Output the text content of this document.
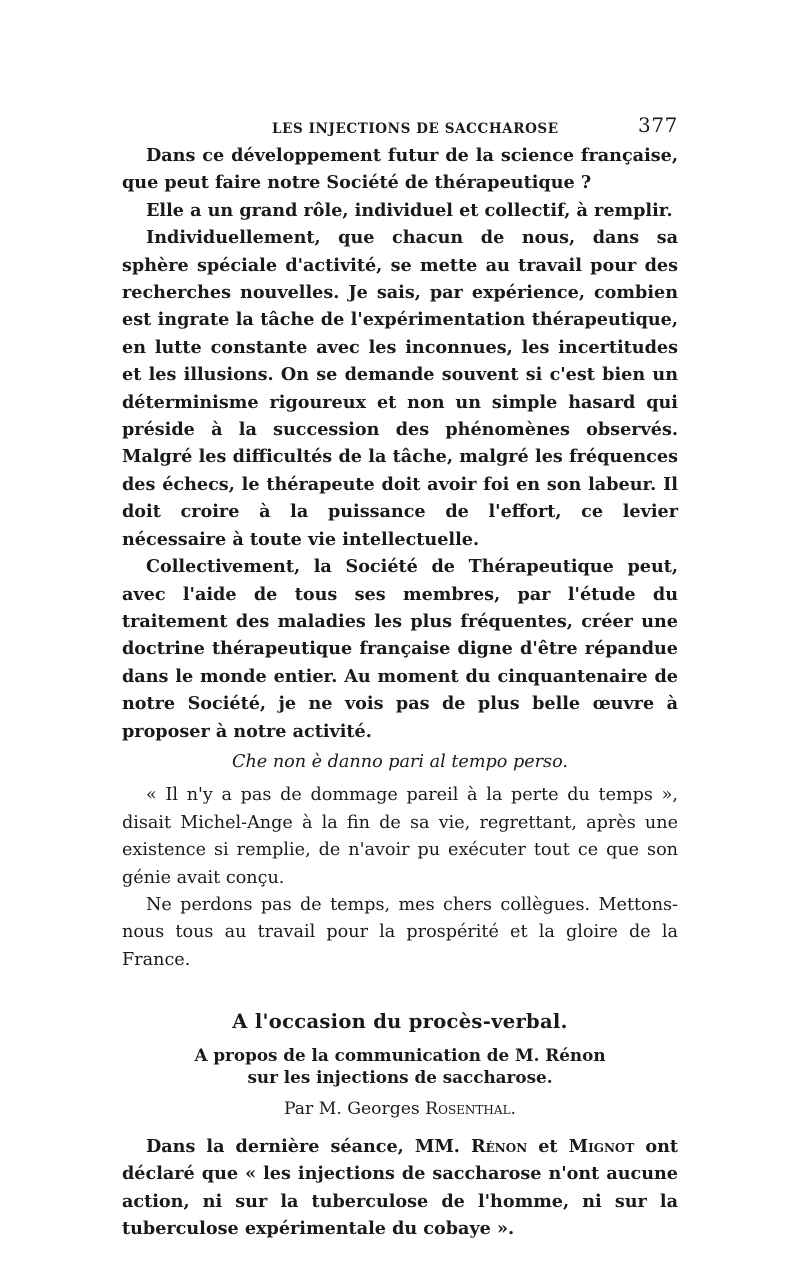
LES INJECTIONS DE SACCHAROSE	377

Dans ce développement futur de la science française, que peut faire notre Société de thérapeutique ?

Elle a un grand rôle, individuel et collectif, à remplir.

Individuellement, que chacun de nous, dans sa sphère spéciale d'activité, se mette au travail pour des recherches nouvelles. Je sais, par expérience, combien est ingrate la tâche de l'expérimentation thérapeutique, en lutte constante avec les inconnues, les incertitudes et les illusions. On se demande souvent si c'est bien un déterminisme rigoureux et non un simple hasard qui préside à la succession des phénomènes observés. Malgré les difficultés de la tâche, malgré les fréquences des échecs, le thérapeute doit avoir foi en son labeur. Il doit croire à la puissance de l'effort, ce levier nécessaire à toute vie intellectuelle.

Collectivement, la Société de Thérapeutique peut, avec l'aide de tous ses membres, par l'étude du traitement des maladies les plus fréquentes, créer une doctrine thérapeutique française digne d'être répandue dans le monde entier. Au moment du cinquantenaire de notre Société, je ne vois pas de plus belle œuvre à proposer à notre activité.

Che non è danno pari al tempo perso.

« Il n'y a pas de dommage pareil à la perte du temps », disait Michel-Ange à la fin de sa vie, regrettant, après une existence si remplie, de n'avoir pu exécuter tout ce que son génie avait conçu.

Ne perdons pas de temps, mes chers collègues. Mettons-nous tous au travail pour la prospérité et la gloire de la France.

A l'occasion du procès-verbal.
A propos de la communication de M. Rénon
sur les injections de saccharose.
Par M. Georges Rosenthal.

Dans la dernière séance, MM. Rénon et Mignot ont déclaré que « les injections de saccharose n'ont aucune action, ni sur la tuberculose de l'homme, ni sur la tuberculose expérimentale du cobaye ».
